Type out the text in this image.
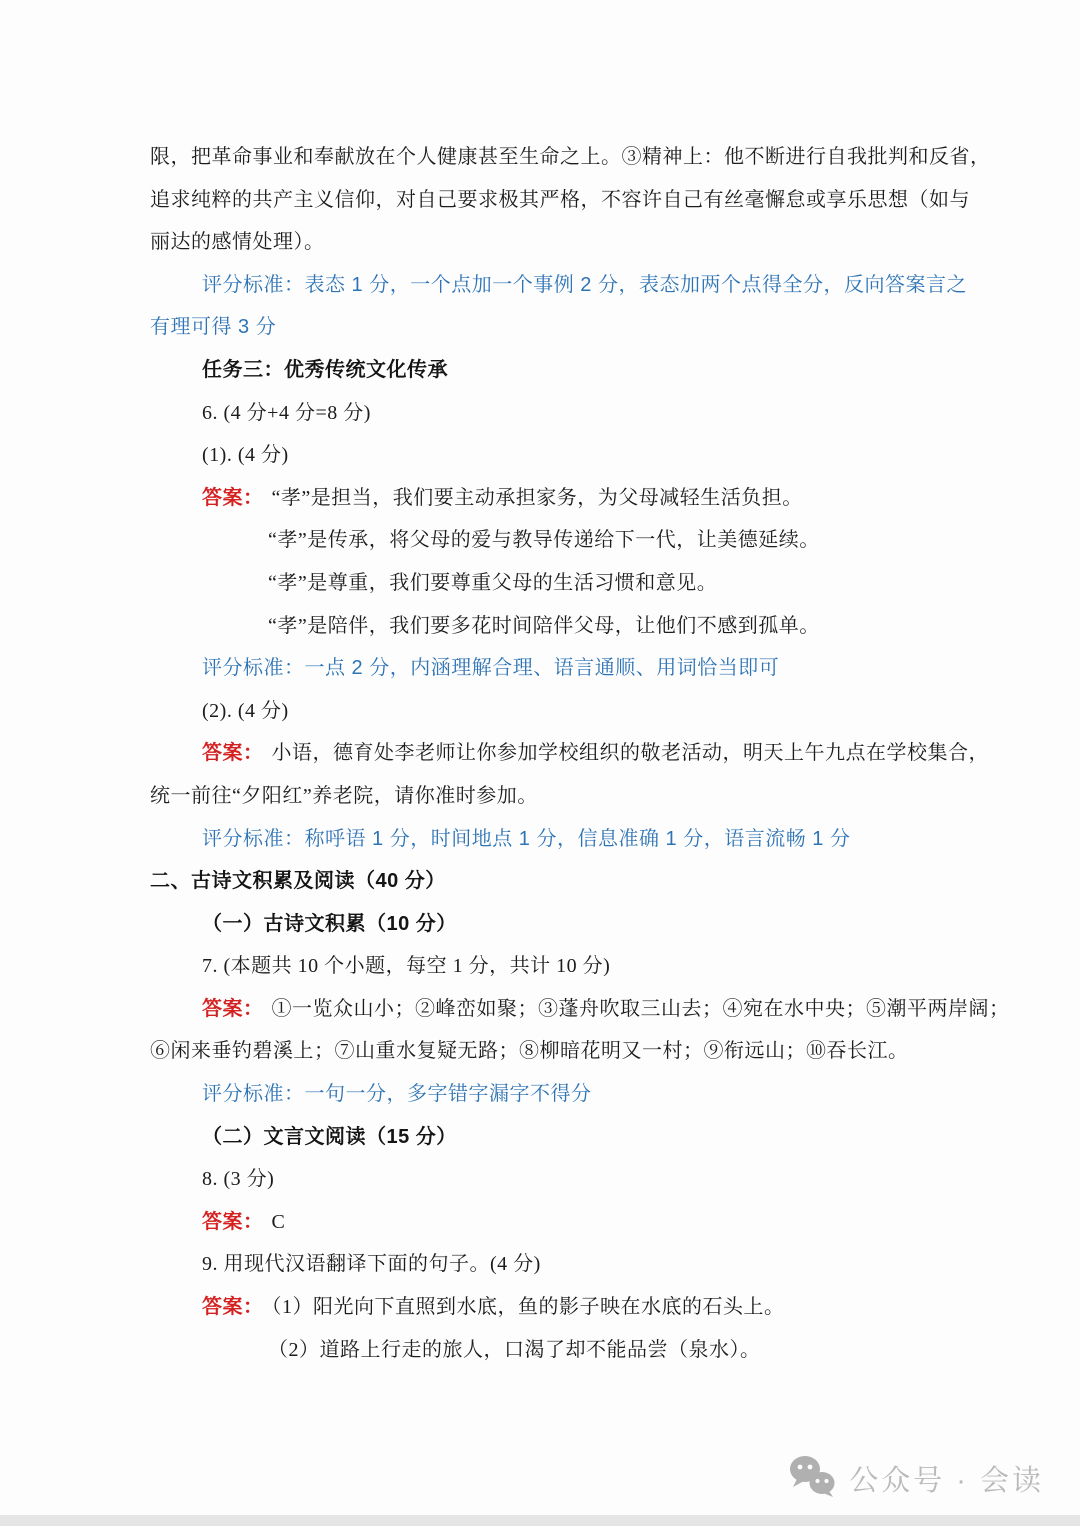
限，把革命事业和奉献放在个人健康甚至生命之上。③精神上：他不断进行自我批判和反省，
追求纯粹的共产主义信仰，对自己要求极其严格，不容许自己有丝毫懈怠或享乐思想（如与
丽达的感情处理）。
评分标准：表态 1 分，一个点加一个事例 2 分，表态加两个点得全分，反向答案言之
有理可得 3 分
任务三：优秀传统文化传承
6. (4 分+4 分=8 分)
(1). (4 分)
答案： “孝”是担当，我们要主动承担家务，为父母减轻生活负担。
“孝”是传承，将父母的爱与教导传递给下一代，让美德延续。
“孝”是尊重，我们要尊重父母的生活习惯和意见。
“孝”是陪伴，我们要多花时间陪伴父母，让他们不感到孤单。
评分标准：一点 2 分，内涵理解合理、语言通顺、用词恰当即可
(2). (4 分)
答案： 小语，德育处李老师让你参加学校组织的敬老活动，明天上午九点在学校集合，
统一前往“夕阳红”养老院，请你准时参加。
评分标准：称呼语 1 分，时间地点 1 分，信息准确 1 分，语言流畅 1 分
二、古诗文积累及阅读（40 分）
（一）古诗文积累（10 分）
7. (本题共 10 个小题，每空 1 分，共计 10 分)
答案： ①一览众山小；②峰峦如聚；③蓬舟吹取三山去；④宛在水中央；⑤潮平两岸阔；
⑥闲来垂钓碧溪上；⑦山重水复疑无路；⑧柳暗花明又一村；⑨衔远山；⑩吞长江。
评分标准：一句一分，多字错字漏字不得分
（二）文言文阅读（15 分）
8. (3 分)
答案： C
9. 用现代汉语翻译下面的句子。(4 分)
答案： （1）阳光向下直照到水底，鱼的影子映在水底的石头上。
（2）道路上行走的旅人，口渴了却不能品尝（泉水）。
公众号 · 会读
